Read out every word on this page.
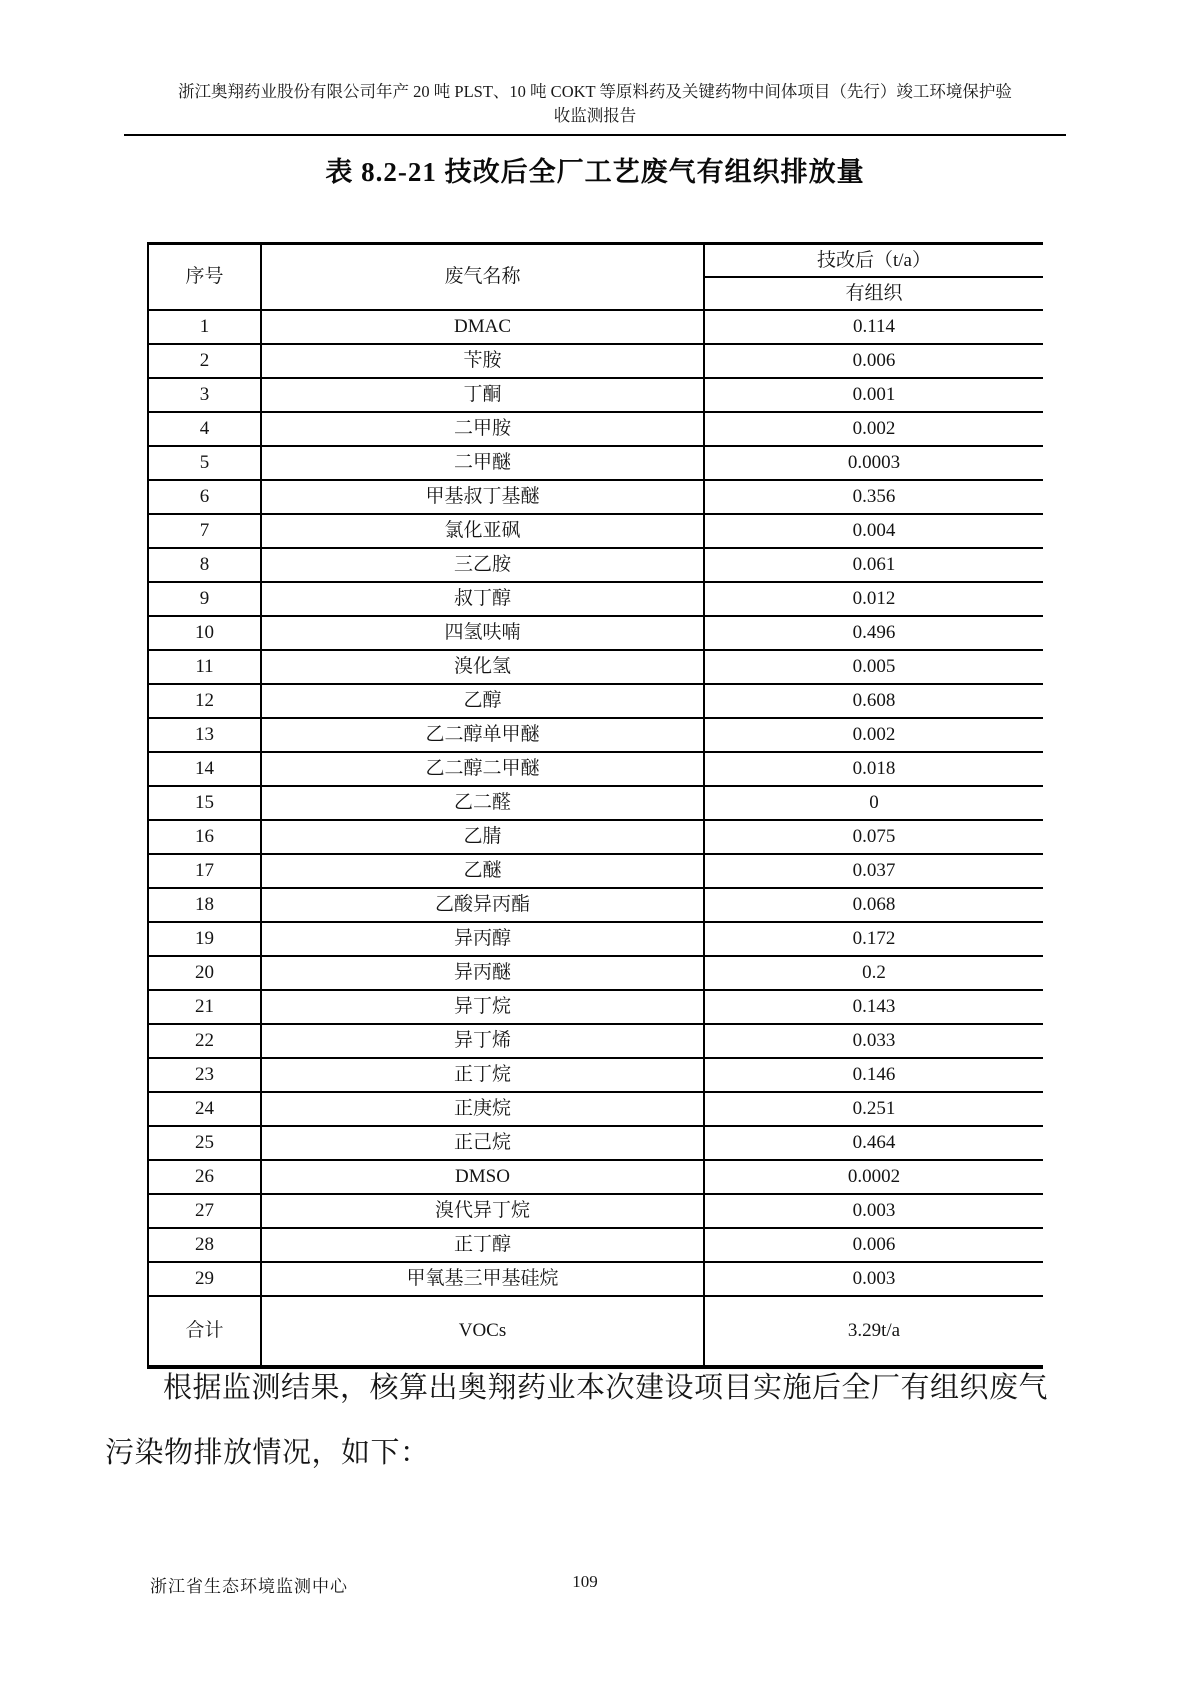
浙江奥翔药业股份有限公司年产 20 吨 PLST、10 吨 COKT 等原料药及关键药物中间体项目（先行）竣工环境保护验
收监测报告
表 8.2-21 技改后全厂工艺废气有组织排放量
序号	废气名称	技改后（t/a）
		有组织
1	DMAC	0.114
2	苄胺	0.006
3	丁酮	0.001
4	二甲胺	0.002
5	二甲醚	0.0003
6	甲基叔丁基醚	0.356
7	氯化亚砜	0.004
8	三乙胺	0.061
9	叔丁醇	0.012
10	四氢呋喃	0.496
11	溴化氢	0.005
12	乙醇	0.608
13	乙二醇单甲醚	0.002
14	乙二醇二甲醚	0.018
15	乙二醛	0
16	乙腈	0.075
17	乙醚	0.037
18	乙酸异丙酯	0.068
19	异丙醇	0.172
20	异丙醚	0.2
21	异丁烷	0.143
22	异丁烯	0.033
23	正丁烷	0.146
24	正庚烷	0.251
25	正己烷	0.464
26	DMSO	0.0002
27	溴代异丁烷	0.003
28	正丁醇	0.006
29	甲氧基三甲基硅烷	0.003
合计	VOCs	3.29t/a

根据监测结果，核算出奥翔药业本次建设项目实施后全厂有组织废气污染物排放情况，如下：

109
浙江省生态环境监测中心
